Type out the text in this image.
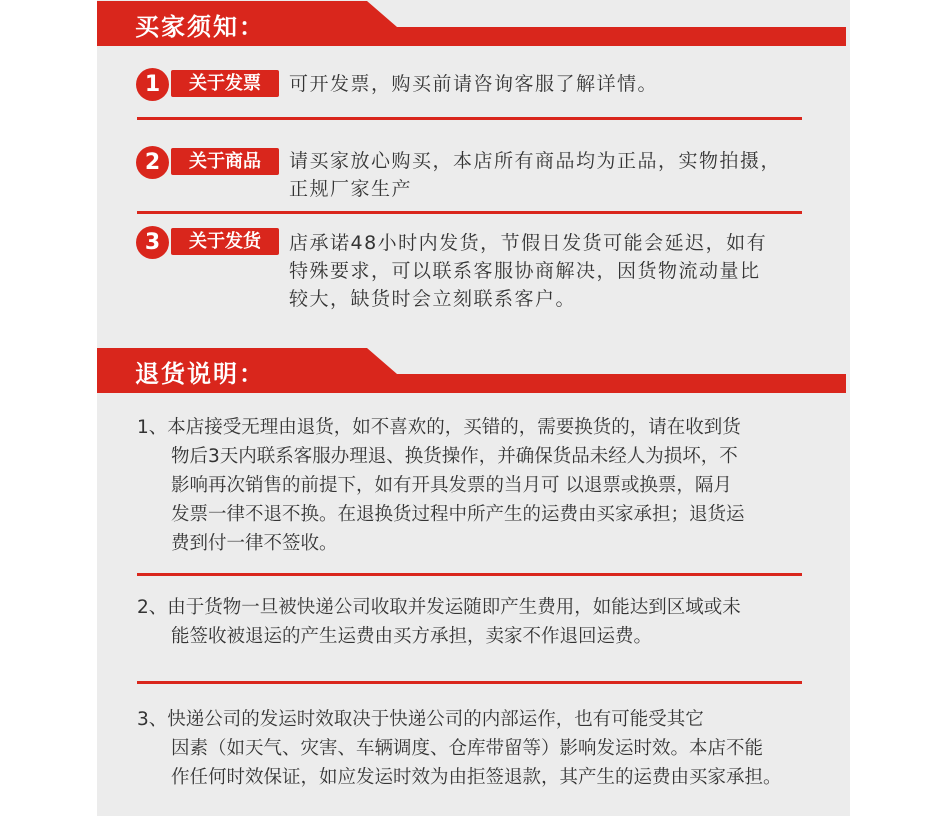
买家须知：
1	关于发票	可开发票，购买前请咨询客服了解详情。
2	关于商品	请买家放心购买，本店所有商品均为正品，实物拍摄，
正规厂家生产
3	关于发货	店承诺48小时内发货，节假日发货可能会延迟，如有
特殊要求，可以联系客服协商解决，因货物流动量比
较大，缺货时会立刻联系客户。
退货说明：
1、本店接受无理由退货，如不喜欢的，买错的，需要换货的，请在收到货
物后3天内联系客服办理退、换货操作，并确保货品未经人为损坏，不
影响再次销售的前提下，如有开具发票的当月可 以退票或换票，隔月
发票一律不退不换。在退换货过程中所产生的运费由买家承担；退货运
费到付一律不签收。
2、由于货物一旦被快递公司收取并发运随即产生费用，如能达到区域或未
能签收被退运的产生运费由买方承担，卖家不作退回运费。
3、快递公司的发运时效取决于快递公司的内部运作，也有可能受其它
因素（如天气、灾害、车辆调度、仓库带留等）影响发运时效。本店不能
作任何时效保证，如应发运时效为由拒签退款，其产生的运费由买家承担。
